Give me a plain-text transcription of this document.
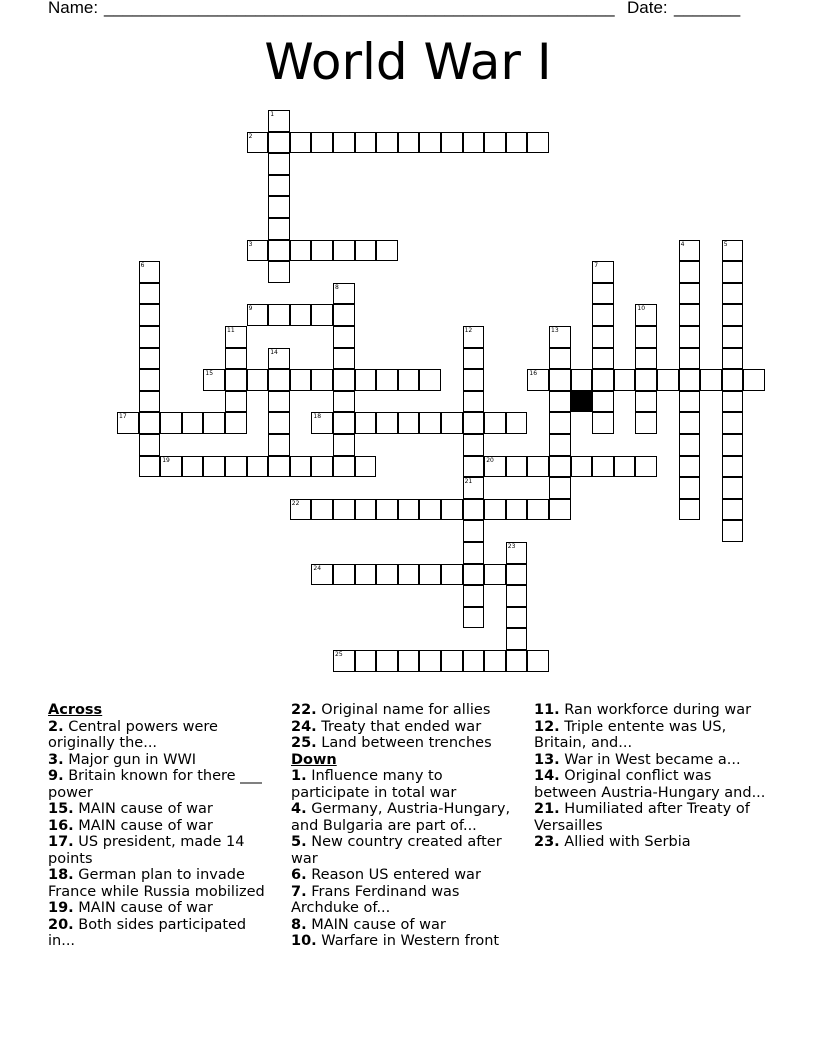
Name: ______________________________________________________ Date: _______
World War I
1
2
3	4	5
6	7
8
9	10
11	12	13
14
15	16
17	18
19	20
21
22
23
24
25
Across
2. Central powers were originally the...
3. Major gun in WWI
9. Britain known for there ___ power
15. MAIN cause of war
16. MAIN cause of war
17. US president, made 14 points
18. German plan to invade France while Russia mobilized
19. MAIN cause of war
20. Both sides participated in...
22. Original name for allies
24. Treaty that ended war
25. Land between trenches
Down
1. Influence many to participate in total war
4. Germany, Austria-Hungary, and Bulgaria are part of...
5. New country created after war
6. Reason US entered war
7. Frans Ferdinand was Archduke of...
8. MAIN cause of war
10. Warfare in Western front
11. Ran workforce during war
12. Triple entente was US, Britain, and...
13. War in West became a...
14. Original conflict was between Austria-Hungary and...
21. Humiliated after Treaty of Versailles
23. Allied with Serbia
